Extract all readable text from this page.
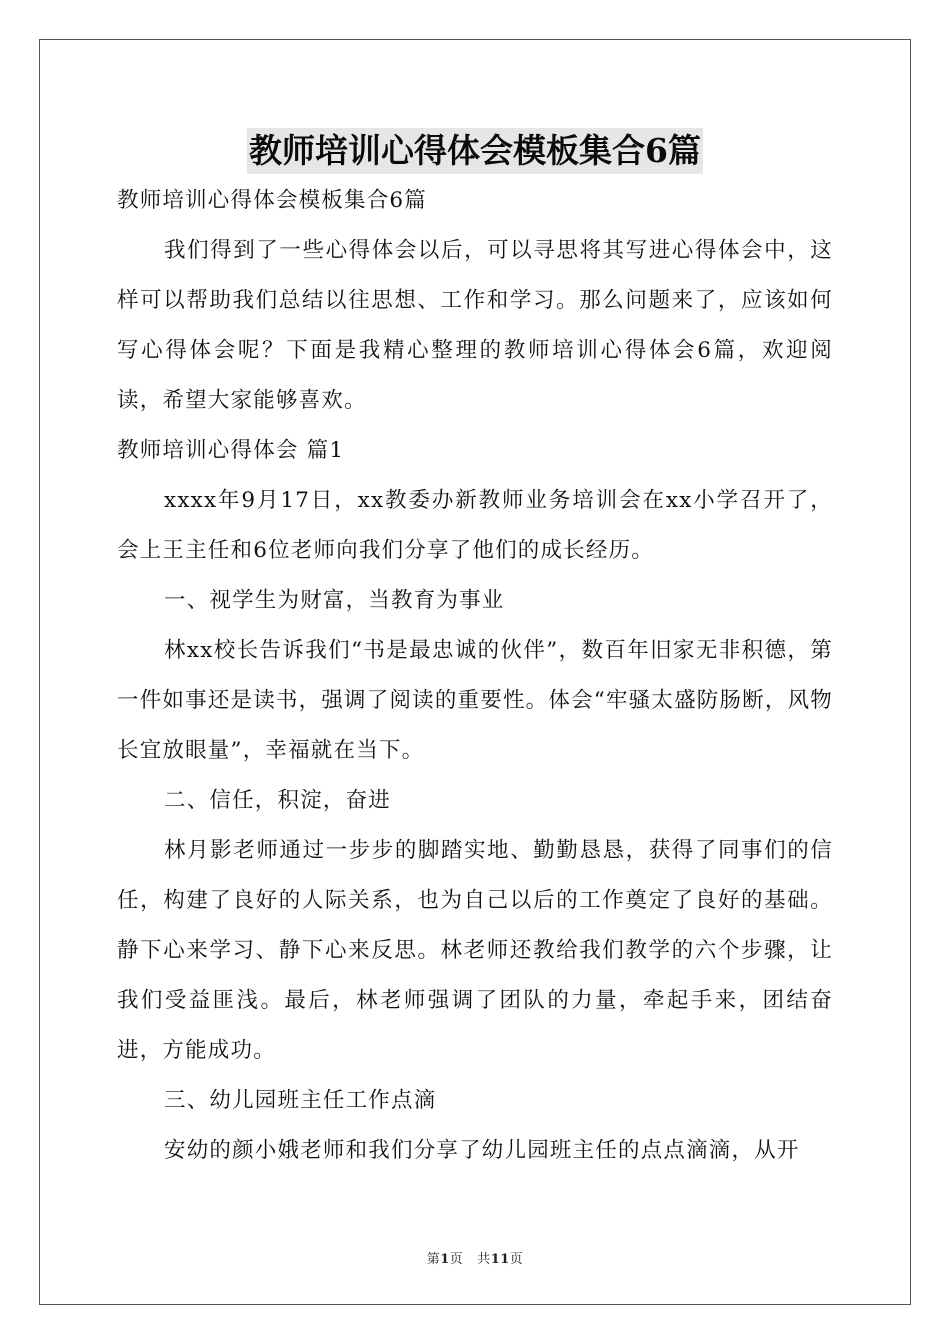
教师培训心得体会模板集合6篇

教师培训心得体会模板集合6篇

我们得到了一些心得体会以后，可以寻思将其写进心得体会中，这样可以帮助我们总结以往思想、工作和学习。那么问题来了，应该如何写心得体会呢？下面是我精心整理的教师培训心得体会6篇，欢迎阅读，希望大家能够喜欢。

教师培训心得体会 篇1

xxxx年9月17日，xx教委办新教师业务培训会在xx小学召开了，会上王主任和6位老师向我们分享了他们的成长经历。

一、视学生为财富，当教育为事业

林xx校长告诉我们“书是最忠诚的伙伴”，数百年旧家无非积德，第一件如事还是读书，强调了阅读的重要性。体会“牢骚太盛防肠断，风物长宜放眼量”，幸福就在当下。

二、信任，积淀，奋进

林月影老师通过一步步的脚踏实地、勤勤恳恳，获得了同事们的信任，构建了良好的人际关系，也为自己以后的工作奠定了良好的基础。静下心来学习、静下心来反思。林老师还教给我们教学的六个步骤，让我们受益匪浅。最后，林老师强调了团队的力量，牵起手来，团结奋进，方能成功。

三、幼儿园班主任工作点滴

安幼的颜小娥老师和我们分享了幼儿园班主任的点点滴滴，从开

第1页 共11页
